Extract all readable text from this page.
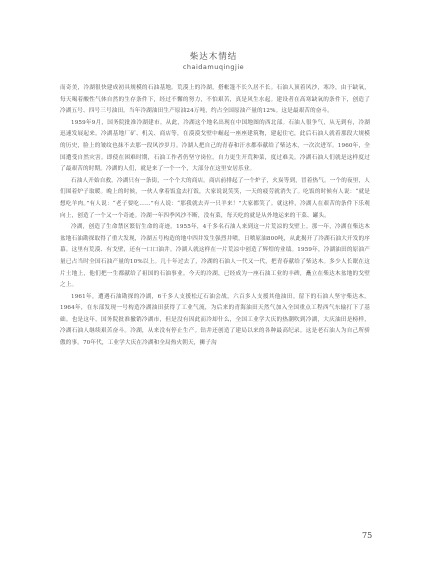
柴达木情结
chaidamuqingjie

而奇美，冷湖很快建成初具规模的石油基地。荒漠上的冷湖，搭帐篷不长久居不长。石油人顶着风沙，寒冷，由于缺氧，每天喝着酸性气体自然的生存条件下，经过不懈的努力，不怕艰苦，真是风生水起。建设者在高寒缺氧的条件下，创造了冷湖五号、四号三号油田。当年冷湖油田生产原油24万吨，约占全国原油产量的12%。这是最艰苦的奋斗。

1959年9月，国务院批准冷湖建市。从此，冷湖这个地名出现在中国地图的西北部。石油人很争气，从无到有，冷湖迅速发展起来。冷湖基地厂矿、机关、商店等，在漠漠戈壁中崛起一座座建筑物，建起住宅，此后石油人就着那段大规模的历史，脸上的皱纹也抹不去那一段风沙岁月。冷湖人把自己的青春和汗水都奉献给了柴达木，一次次进军。1960年，全国遭受自然灾害。即使在困难时期，石油工作者仍坚守岗位，自力更生开荒种菜，度过难关。冷湖石油人们就是这样度过了最艰苦的时期。冷湖的人们，就是来了一个一个，大部分在这里安居乐业。

石油人开始自救。冷湖只有一条街，一个个大的商店。商店前排起了一个炉子，火炭等到，冒着热气。一个的夜里，人们围着炉子取暖。晚上的时候，一伙人拿着饭盒去打饭，大家说说笑笑，一天的疲劳就消失了。吃饭的时候有人说：“就是想吃羊肉。”有人说：“老子要吃……”有人说：“那我就去弄一只羊来！”大家都笑了。就这样，冷湖人在艰苦的条件下乐观向上，创造了一个又一个奇迹。冷湖一年四季风沙不断，没有菜，每天吃的就是从外地运来的干菜、罐头。

冷湖，创造了生命禁区繁衍生命的奇迹。1955年，4千多名石油人来到这一片荒凉的戈壁上。那一年，冷湖在柴达木盆地石油勘探取得了重大发现，冷湖五号构造的地中四井发生强烈井喷，日喷原油800吨，从此揭开了冷湖石油大开发的序幕。这里有荒漠、有戈壁，还有一口口油井。冷湖人就这样在一片荒凉中创造了辉煌的业绩。1959年，冷湖油田的原油产量已占当时全国石油产量的10%以上。几十年过去了，冷湖的石油人一代又一代，把青春献给了柴达木。多少人长眠在这片土地上，他们把一生都献给了祖国的石油事业。今天的冷湖，已经成为一座石油工业的丰碑，矗立在柴达木盆地的戈壁之上。

1961年，遭遇石油勘探的冷湖，6千多人支援松辽石油会战，六百多人支援其他油田。留下的石油人坚守柴达木。1964年，在东部发现一号构造冷湖油田获得了工业气流，为后来的青海油田天然气加入全国重点工程西气东输打下了基础。也是这年，国务院批准撤销冷湖市，但是没有因此而冷却什么，全国工业学大庆的热潮吹到冷湖，大庆油田是榜样，冷湖石油人继续艰苦奋斗。冷湖，从来没有停止生产。钻井还创造了建局以来的各种最高纪录。这是老石油人为自己所骄傲的事。70年代，工业学大庆在冷湖和全局热火朝天，狮子沟

75
